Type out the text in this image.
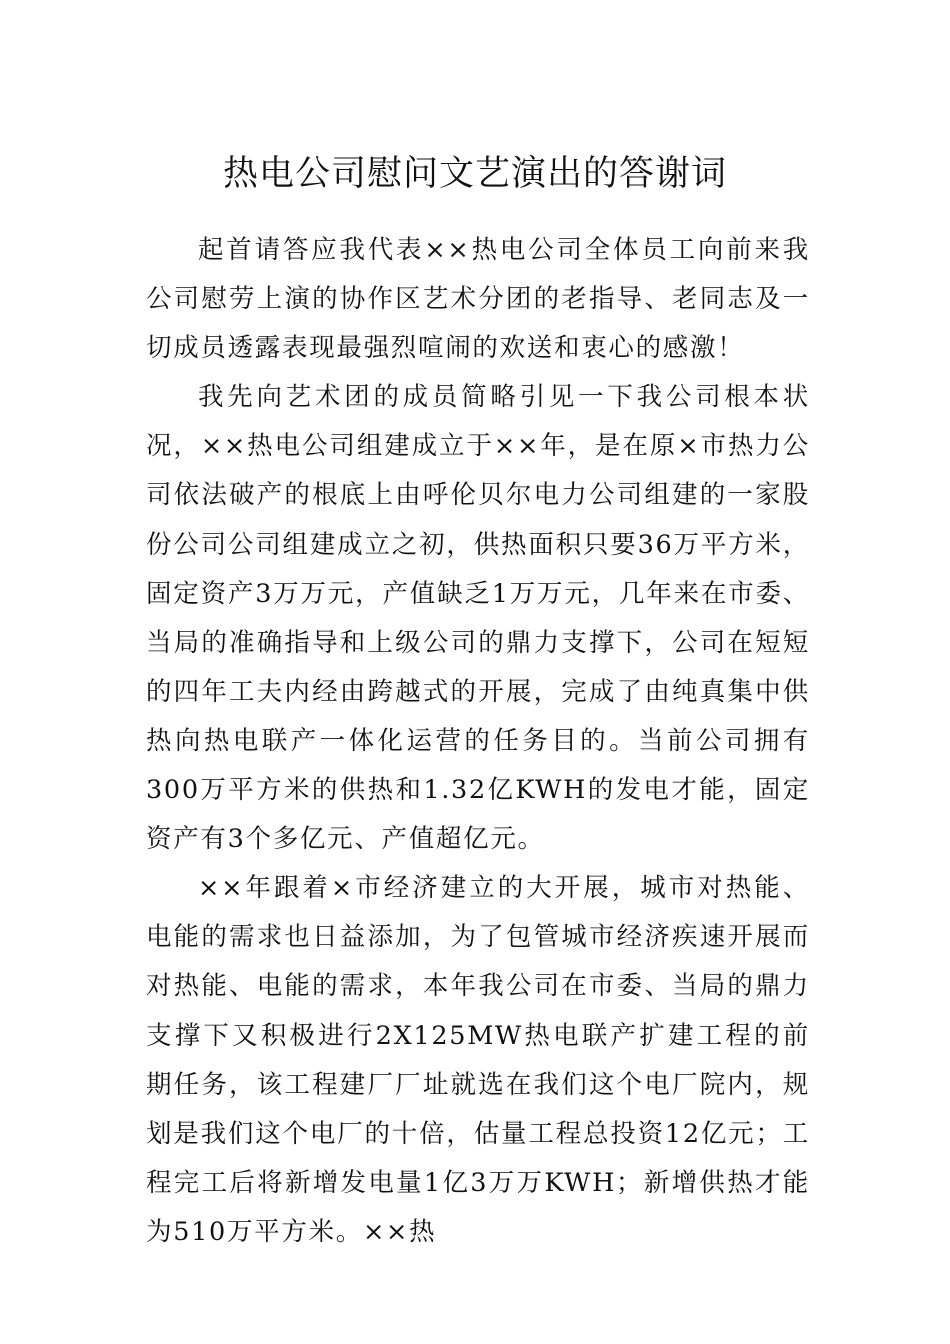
热电公司慰问文艺演出的答谢词

起首请答应我代表××热电公司全体员工向前来我公司慰劳上演的协作区艺术分团的老指导、老同志及一切成员透露表现最强烈喧闹的欢送和衷心的感激！

我先向艺术团的成员简略引见一下我公司根本状况，××热电公司组建成立于××年，是在原×市热力公司依法破产的根底上由呼伦贝尔电力公司组建的一家股份公司公司组建成立之初，供热面积只要36万平方米，固定资产3万万元，产值缺乏1万万元，几年来在市委、当局的准确指导和上级公司的鼎力支撑下，公司在短短的四年工夫内经由跨越式的开展，完成了由纯真集中供热向热电联产一体化运营的任务目的。当前公司拥有300万平方米的供热和1.32亿KWH的发电才能，固定资产有3个多亿元、产值超亿元。

××年跟着×市经济建立的大开展，城市对热能、电能的需求也日益添加，为了包管城市经济疾速开展而对热能、电能的需求，本年我公司在市委、当局的鼎力支撑下又积极进行2X125MW热电联产扩建工程的前期任务，该工程建厂厂址就选在我们这个电厂院内，规划是我们这个电厂的十倍，估量工程总投资12亿元；工程完工后将新增发电量1亿3万万KWH；新增供热才能为510万平方米。××热
